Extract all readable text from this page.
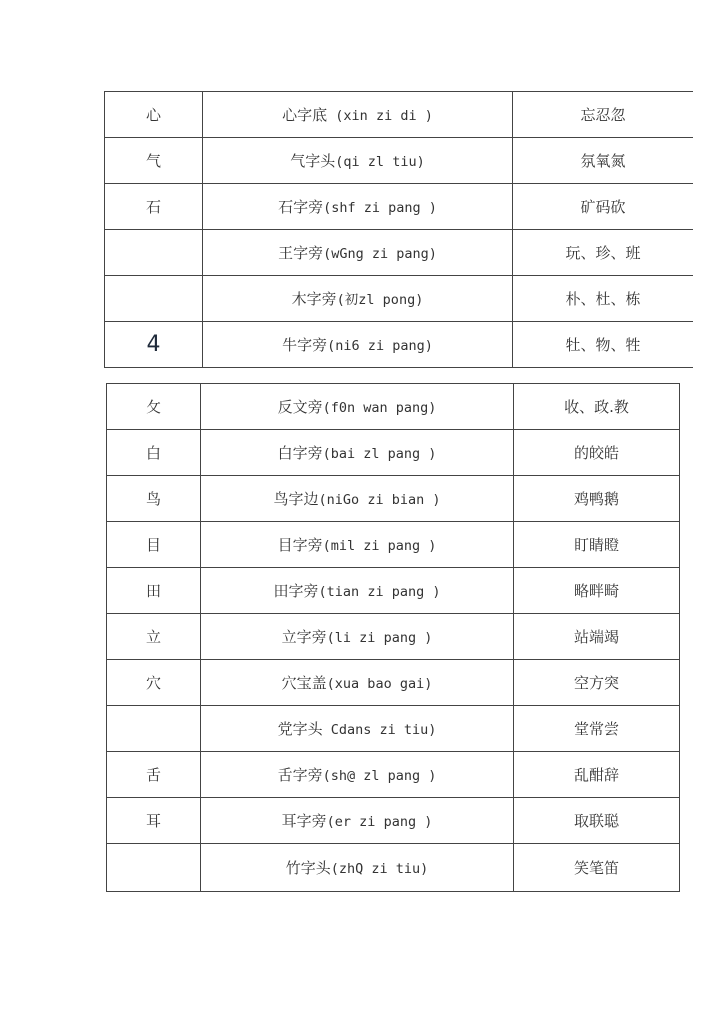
心	心字底 (xin zi di )	忘忍忽
气	气字头(qi zl tiu)	氛氧氮
石	石字旁(shf zi pang )	矿码砍
	王字旁(wGng zi pang)	玩、珍、班
	木字旁(初zl pong)	朴、杜、栋
4	牛字旁(ni6 zi pang)	牡、物、牲
攵	反文旁(f0n wan pang)	收、政.教
白	白字旁(bai zl pang )	的皎皓
鸟	鸟字边(niGo zi bian )	鸡鸭鹅
目	目字旁(mil zi pang )	盯睛瞪
田	田字旁(tian zi pang )	略畔畸
立	立字旁(li zi pang )	站端竭
穴	穴宝盖(xua bao gai)	空方突
	党字头 Cdans zi tiu)	堂常尝
舌	舌字旁(sh@ zl pang )	乱酣辞
耳	耳字旁(er zi pang )	取联聪
	竹字头(zhQ zi tiu)	笑笔笛
